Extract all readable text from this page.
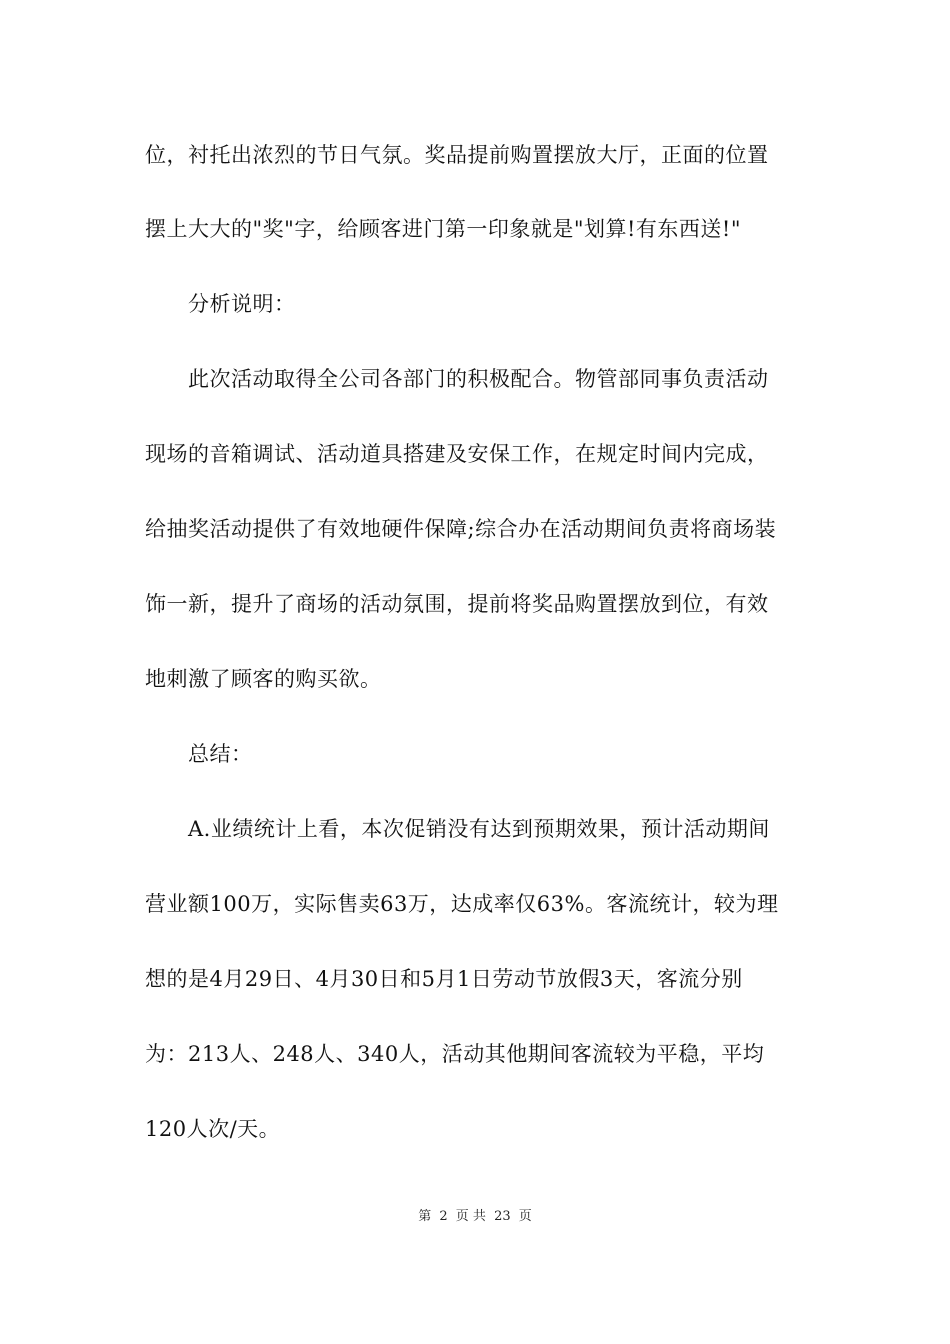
位，衬托出浓烈的节日气氛。奖品提前购置摆放大厅，正面的位置
摆上大大的"奖"字，给顾客进门第一印象就是"划算!有东西送!"
分析说明：
此次活动取得全公司各部门的积极配合。物管部同事负责活动
现场的音箱调试、活动道具搭建及安保工作，在规定时间内完成，
给抽奖活动提供了有效地硬件保障;综合办在活动期间负责将商场装
饰一新，提升了商场的活动氛围，提前将奖品购置摆放到位，有效
地刺激了顾客的购买欲。
总结：
A.业绩统计上看，本次促销没有达到预期效果，预计活动期间
营业额100万，实际售卖63万，达成率仅63%。客流统计，较为理
想的是4月29日、4月30日和5月1日劳动节放假3天，客流分别
为：213人、248人、340人，活动其他期间客流较为平稳，平均
120人次/天。
第 2 页 共 23 页
